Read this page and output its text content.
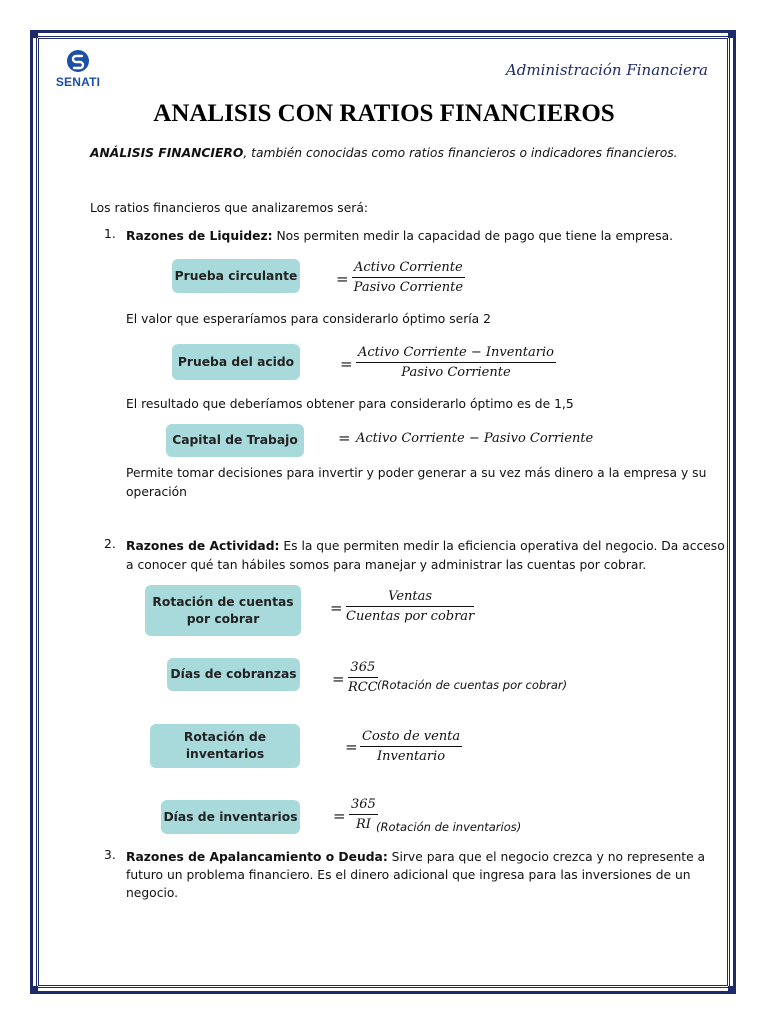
SENATI
Administración Financiera
ANALISIS CON RATIOS FINANCIEROS
ANÁLISIS FINANCIERO, también conocidas como ratios financieros o indicadores financieros.
Los ratios financieros que analizaremos será:
1. Razones de Liquidez: Nos permiten medir la capacidad de pago que tiene la empresa.
Prueba circulante	=
Activo Corriente
Pasivo Corriente
El valor que esperaríamos para considerarlo óptimo sería 2
Prueba del acido	=
Activo Corriente − Inventario
Pasivo Corriente
El resultado que deberíamos obtener para considerarlo óptimo es de 1,5
Capital de Trabajo	= Activo Corriente − Pasivo Corriente
Permite tomar decisiones para invertir y poder generar a su vez más dinero a la empresa y su
operación
2. Razones de Actividad: Es la que permiten medir la eficiencia operativa del negocio. Da acceso
a conocer qué tan hábiles somos para manejar y administrar las cuentas por cobrar.
Rotación de cuentas
por cobrar
=
Ventas
Cuentas por cobrar
Días de cobranzas =
365
RCC (Rotación de cuentas por cobrar)
Rotación de
inventarios	=
Costo de venta
Inventario
Días de inventarios = $\frac{365}{RI}$
(Rotación de inventarios)
3. Razones de Apalancamiento o Deuda: Sirve para que el negocio crezca y no represente a
futuro un problema financiero. Es el dinero adicional que ingresa para las inversiones de un
negocio.
